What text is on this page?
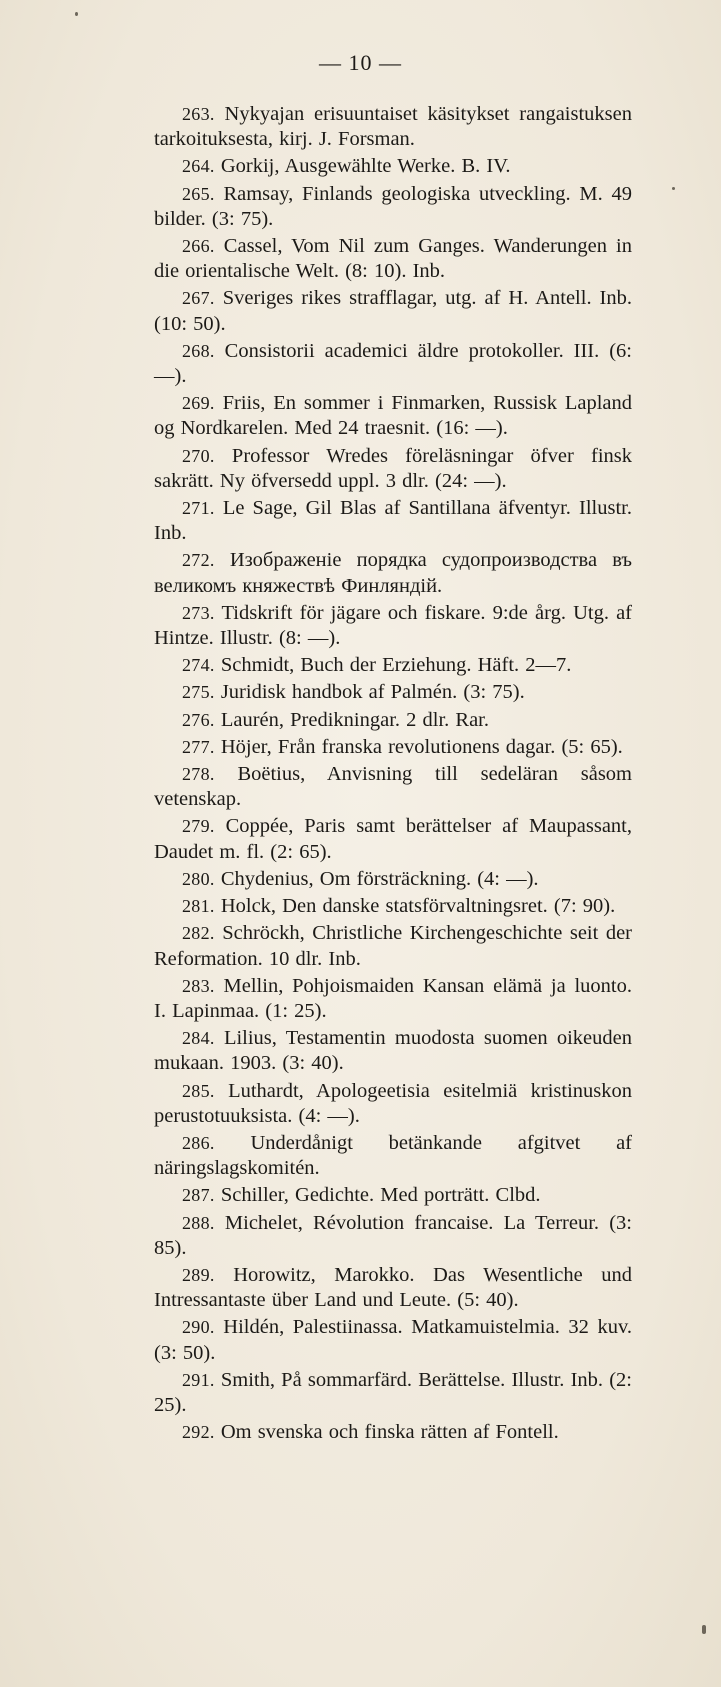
— 10 —
263. Nykyajan erisuuntaiset käsitykset rangaistuksen tarkoituksesta, kirj. J. Forsman.
264. Gorkij, Ausgewählte Werke. B. IV.
265. Ramsay, Finlands geologiska utveckling. M. 49 bilder. (3: 75).
266. Cassel, Vom Nil zum Ganges. Wanderungen in die orientalische Welt. (8: 10). Inb.
267. Sveriges rikes strafflagar, utg. af H. Antell. Inb. (10: 50).
268. Consistorii academici äldre protokoller. III. (6: —).
269. Friis, En sommer i Finmarken, Russisk Lapland og Nordkarelen. Med 24 traesnit. (16: —).
270. Professor Wredes föreläsningar öfver finsk sakrätt. Ny öfversedd uppl. 3 dlr. (24: —).
271. Le Sage, Gil Blas af Santillana äfventyr. Illustr. Inb.
272. Изображеніе порядка судопроизводства въ великомъ княжествѣ Финляндій.
273. Tidskrift för jägare och fiskare. 9:de årg. Utg. af Hintze. Illustr. (8: —).
274. Schmidt, Buch der Erziehung. Häft. 2—7.
275. Juridisk handbok af Palmén. (3: 75).
276. Laurén, Predikningar. 2 dlr. Rar.
277. Höjer, Från franska revolutionens dagar. (5: 65).
278. Boëtius, Anvisning till sedeläran såsom vetenskap.
279. Coppée, Paris samt berättelser af Maupassant, Daudet m. fl. (2: 65).
280. Chydenius, Om försträckning. (4: —).
281. Holck, Den danske statsförvaltningsret. (7: 90).
282. Schröckh, Christliche Kirchengeschichte seit der Reformation. 10 dlr. Inb.
283. Mellin, Pohjoismaiden Kansan elämä ja luonto. I. Lapinmaa. (1: 25).
284. Lilius, Testamentin muodosta suomen oikeuden mukaan. 1903. (3: 40).
285. Luthardt, Apologeetisia esitelmiä kristinuskon perustotuuksista. (4: —).
286. Underdånigt betänkande afgitvet af näringslagskomitén.
287. Schiller, Gedichte. Med porträtt. Clbd.
288. Michelet, Révolution francaise. La Terreur. (3: 85).
289. Horowitz, Marokko. Das Wesentliche und Intressantaste über Land und Leute. (5: 40).
290. Hildén, Palestiinassa. Matkamuistelmia. 32 kuv. (3: 50).
291. Smith, På sommarfärd. Berättelse. Illustr. Inb. (2: 25).
292. Om svenska och finska rätten af Fontell.
